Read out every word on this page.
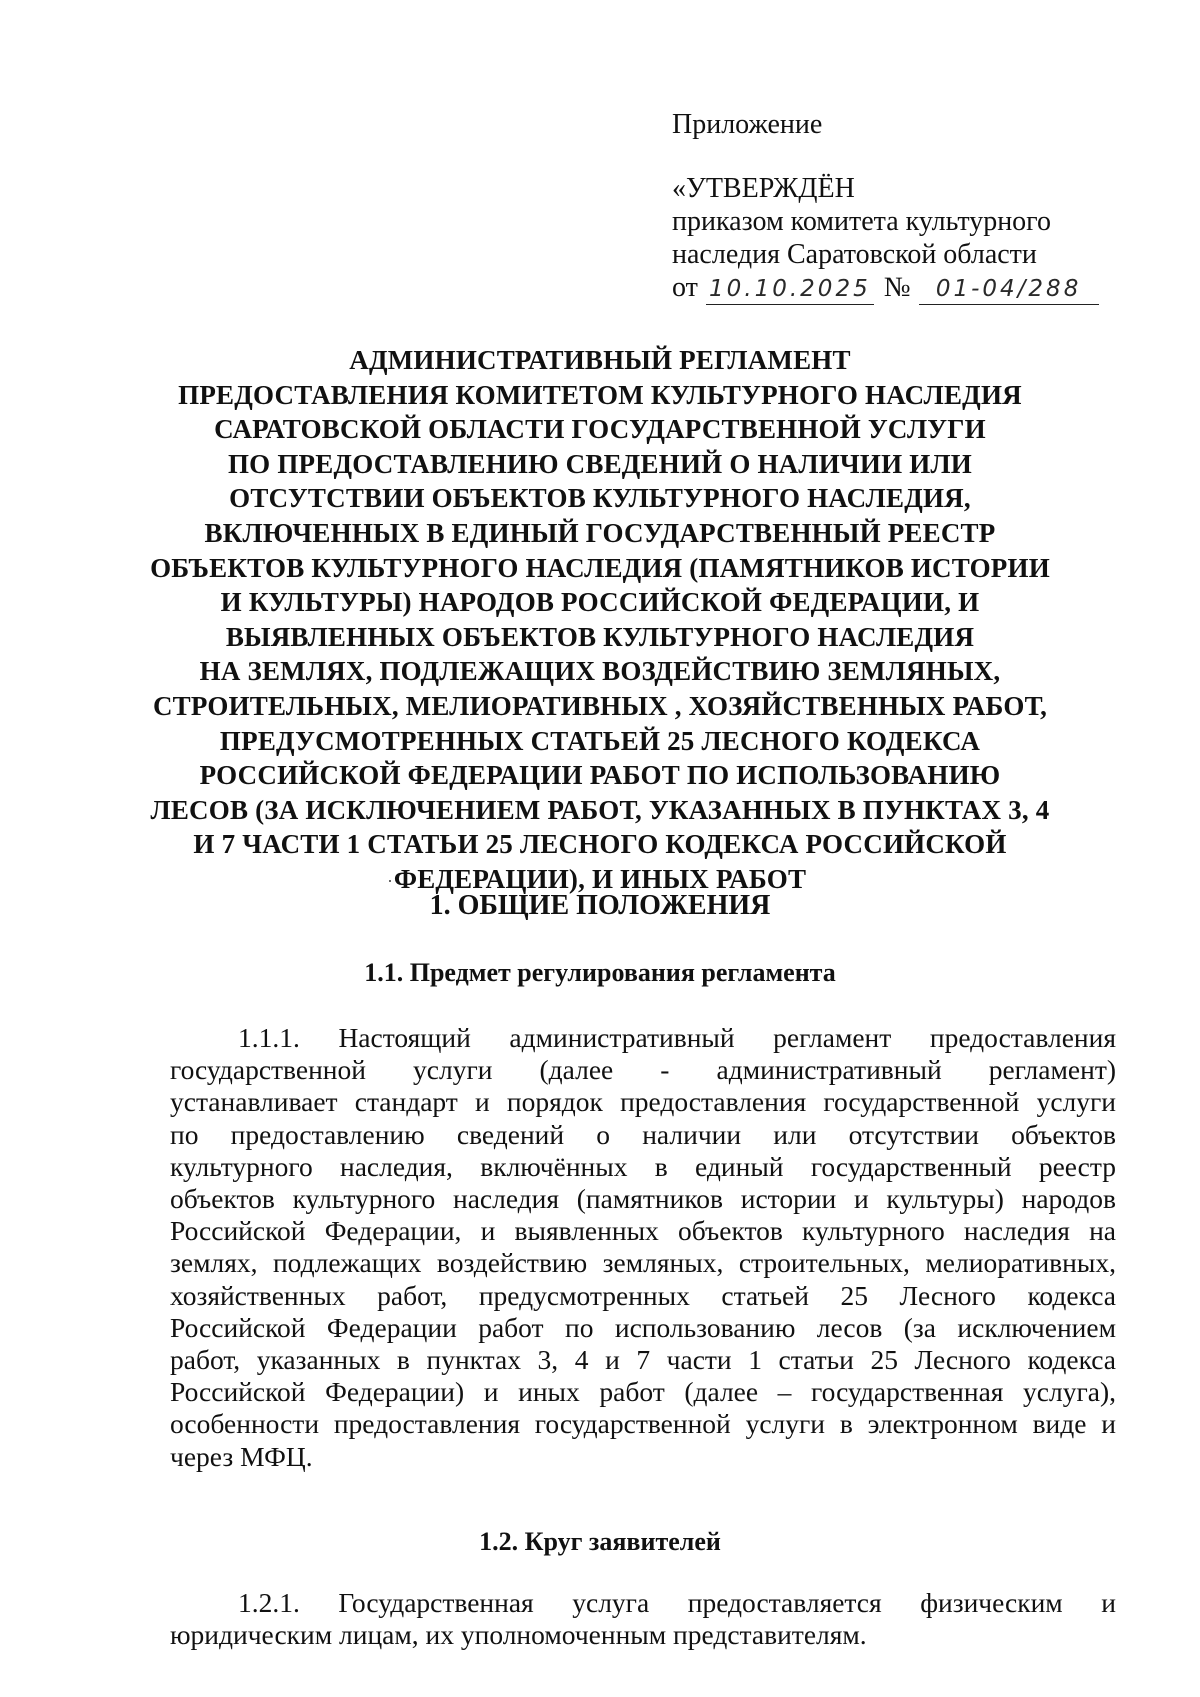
Приложение
«УТВЕРЖДЁН
приказом комитета культурного
наследия Саратовской области
от 10.10.2025 № 01-04/288
АДМИНИСТРАТИВНЫЙ РЕГЛАМЕНТ
ПРЕДОСТАВЛЕНИЯ КОМИТЕТОМ КУЛЬТУРНОГО НАСЛЕДИЯ
САРАТОВСКОЙ ОБЛАСТИ ГОСУДАРСТВЕННОЙ УСЛУГИ
ПО ПРЕДОСТАВЛЕНИЮ СВЕДЕНИЙ О НАЛИЧИИ ИЛИ
ОТСУТСТВИИ ОБЪЕКТОВ КУЛЬТУРНОГО НАСЛЕДИЯ,
ВКЛЮЧЕННЫХ В ЕДИНЫЙ ГОСУДАРСТВЕННЫЙ РЕЕСТР
ОБЪЕКТОВ КУЛЬТУРНОГО НАСЛЕДИЯ (ПАМЯТНИКОВ ИСТОРИИ
И КУЛЬТУРЫ) НАРОДОВ РОССИЙСКОЙ ФЕДЕРАЦИИ, И
ВЫЯВЛЕННЫХ ОБЪЕКТОВ КУЛЬТУРНОГО НАСЛЕДИЯ
НА ЗЕМЛЯХ, ПОДЛЕЖАЩИХ ВОЗДЕЙСТВИЮ ЗЕМЛЯНЫХ,
СТРОИТЕЛЬНЫХ, МЕЛИОРАТИВНЫХ , ХОЗЯЙСТВЕННЫХ РАБОТ,
ПРЕДУСМОТРЕННЫХ СТАТЬЕЙ 25 ЛЕСНОГО КОДЕКСА
РОССИЙСКОЙ ФЕДЕРАЦИИ РАБОТ ПО ИСПОЛЬЗОВАНИЮ
ЛЕСОВ (ЗА ИСКЛЮЧЕНИЕМ РАБОТ, УКАЗАННЫХ В ПУНКТАХ 3, 4
И 7 ЧАСТИ 1 СТАТЬИ 25 ЛЕСНОГО КОДЕКСА РОССИЙСКОЙ
ФЕДЕРАЦИИ), И ИНЫХ РАБОТ
1. ОБЩИЕ ПОЛОЖЕНИЯ
1.1. Предмет регулирования регламента
1.1.1. Настоящий административный регламент предоставления
государственной услуги (далее - административный регламент)
устанавливает стандарт и порядок предоставления государственной услуги
по предоставлению сведений о наличии или отсутствии объектов
культурного наследия, включённых в единый государственный реестр
объектов культурного наследия (памятников истории и культуры) народов
Российской Федерации, и выявленных объектов культурного наследия на
землях, подлежащих воздействию земляных, строительных, мелиоративных,
хозяйственных работ, предусмотренных статьей 25 Лесного кодекса
Российской Федерации работ по использованию лесов (за исключением
работ, указанных в пунктах 3, 4 и 7 части 1 статьи 25 Лесного кодекса
Российской Федерации) и иных работ (далее – государственная услуга),
особенности предоставления государственной услуги в электронном виде и
через МФЦ.
1.2. Круг заявителей
1.2.1. Государственная услуга предоставляется физическим и
юридическим лицам, их уполномоченным представителям.
